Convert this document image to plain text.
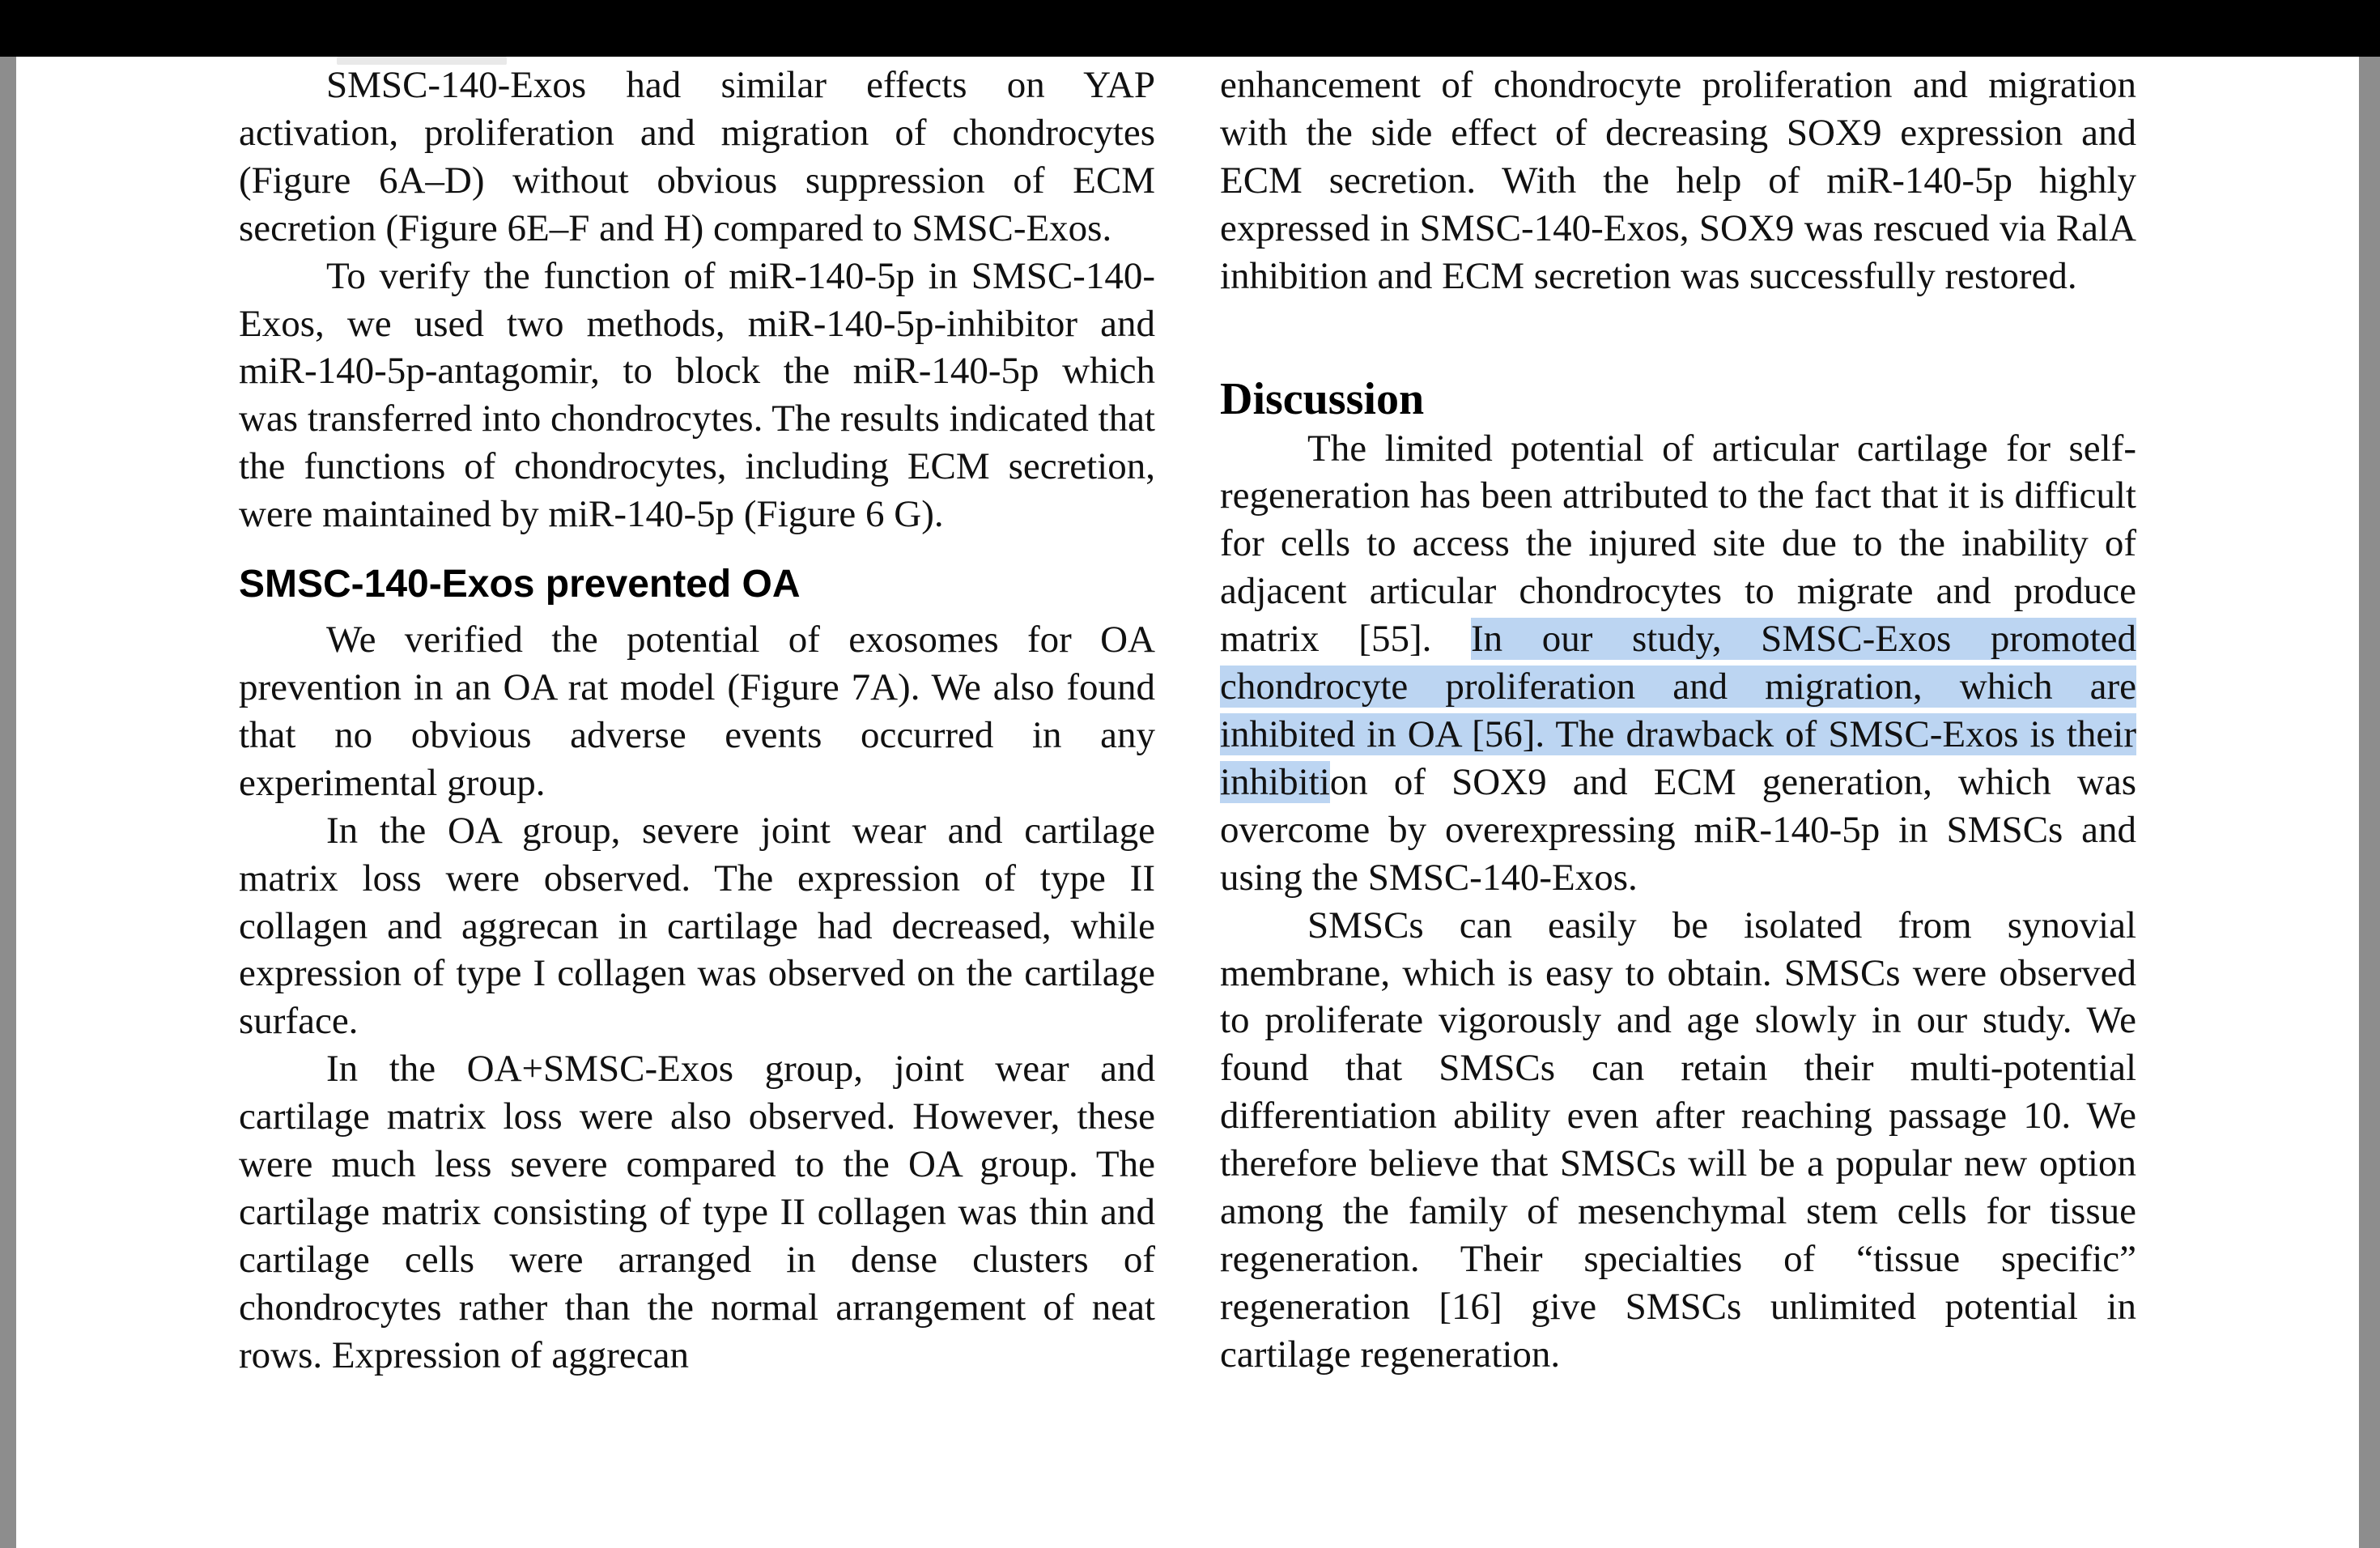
SMSC-140-Exos had similar effects on YAP activation, proliferation and migration of chondrocytes (Figure 6A–D) without obvious suppression of ECM secretion (Figure 6E–F and H) compared to SMSC-Exos.

To verify the function of miR-140-5p in SMSC-140-Exos, we used two methods, miR-140-5p-inhibitor and miR-140-5p-antagomir, to block the miR-140-5p which was transferred into chondrocytes. The results indicated that the functions of chondrocytes, including ECM secretion, were maintained by miR-140-5p (Figure 6 G).

SMSC-140-Exos prevented OA

We verified the potential of exosomes for OA prevention in an OA rat model (Figure 7A). We also found that no obvious adverse events occurred in any experimental group.

In the OA group, severe joint wear and cartilage matrix loss were observed. The expression of type II collagen and aggrecan in cartilage had decreased, while expression of type I collagen was observed on the cartilage surface.

In the OA+SMSC-Exos group, joint wear and cartilage matrix loss were also observed. However, these were much less severe compared to the OA group. The cartilage matrix consisting of type II collagen was thin and cartilage cells were arranged in dense clusters of chondrocytes rather than the normal arrangement of neat rows. Expression of aggrecan

enhancement of chondrocyte proliferation and migration with the side effect of decreasing SOX9 expression and ECM secretion. With the help of miR-140-5p highly expressed in SMSC-140-Exos, SOX9 was rescued via RalA inhibition and ECM secretion was successfully restored.

Discussion

The limited potential of articular cartilage for self-regeneration has been attributed to the fact that it is difficult for cells to access the injured site due to the inability of adjacent articular chondrocytes to migrate and produce matrix [55]. In our study, SMSC-Exos promoted chondrocyte proliferation and migration, which are inhibited in OA [56]. The drawback of SMSC-Exos is their inhibition of SOX9 and ECM generation, which was overcome by overexpressing miR-140-5p in SMSCs and using the SMSC-140-Exos.

SMSCs can easily be isolated from synovial membrane, which is easy to obtain. SMSCs were observed to proliferate vigorously and age slowly in our study. We found that SMSCs can retain their multi-potential differentiation ability even after reaching passage 10. We therefore believe that SMSCs will be a popular new option among the family of mesenchymal stem cells for tissue regeneration. Their specialties of “tissue specific” regeneration [16] give SMSCs unlimited potential in cartilage regeneration.
